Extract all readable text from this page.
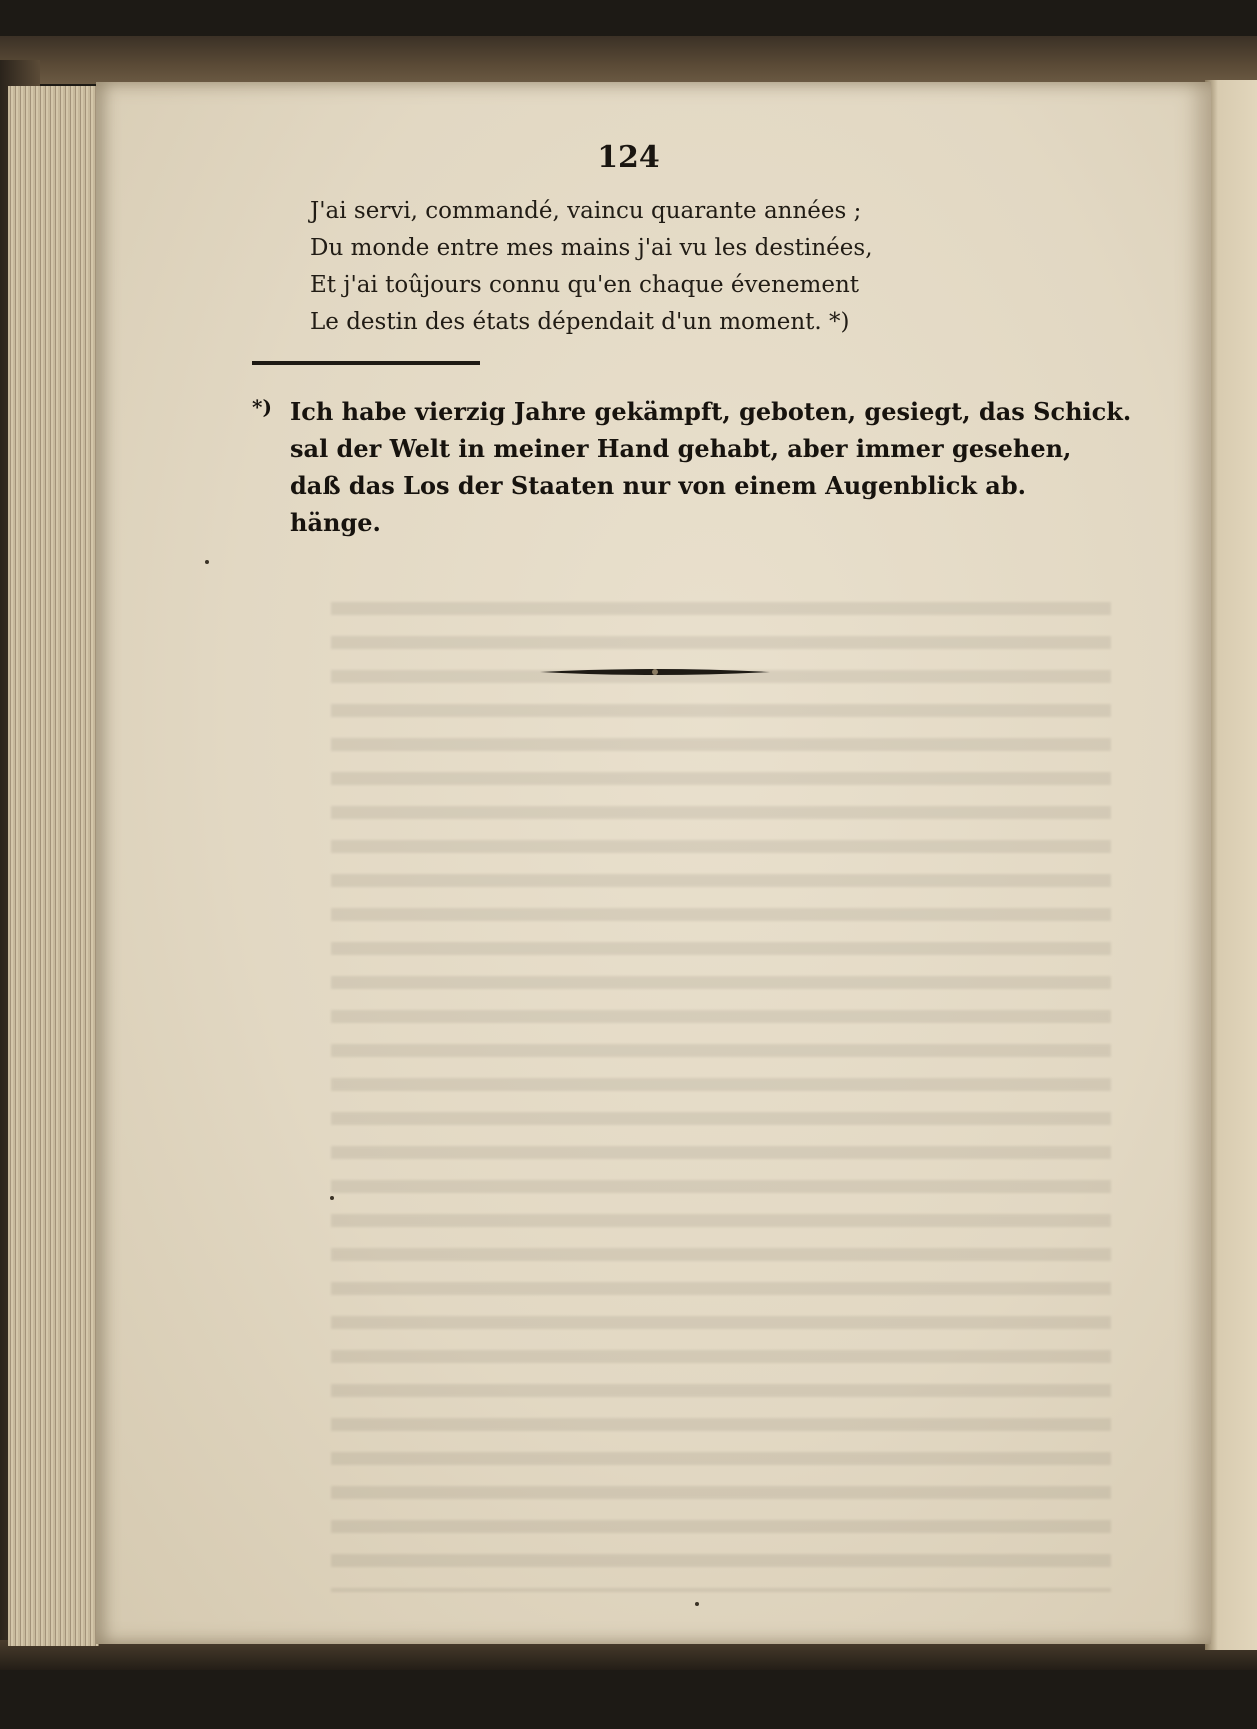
124
J'ai servi, commandé, vaincu quarante années ;
Du monde entre mes mains j'ai vu les destinées,
Et j'ai toûjours connu qu'en chaque évenement
Le destin des états dépendait d'un moment. *)
*) Ich habe vierzig Jahre gekämpft, geboten, gesiegt, das Schick.
sal der Welt in meiner Hand gehabt, aber immer gesehen,
daß das Los der Staaten nur von einem Augenblick ab.
hänge.
